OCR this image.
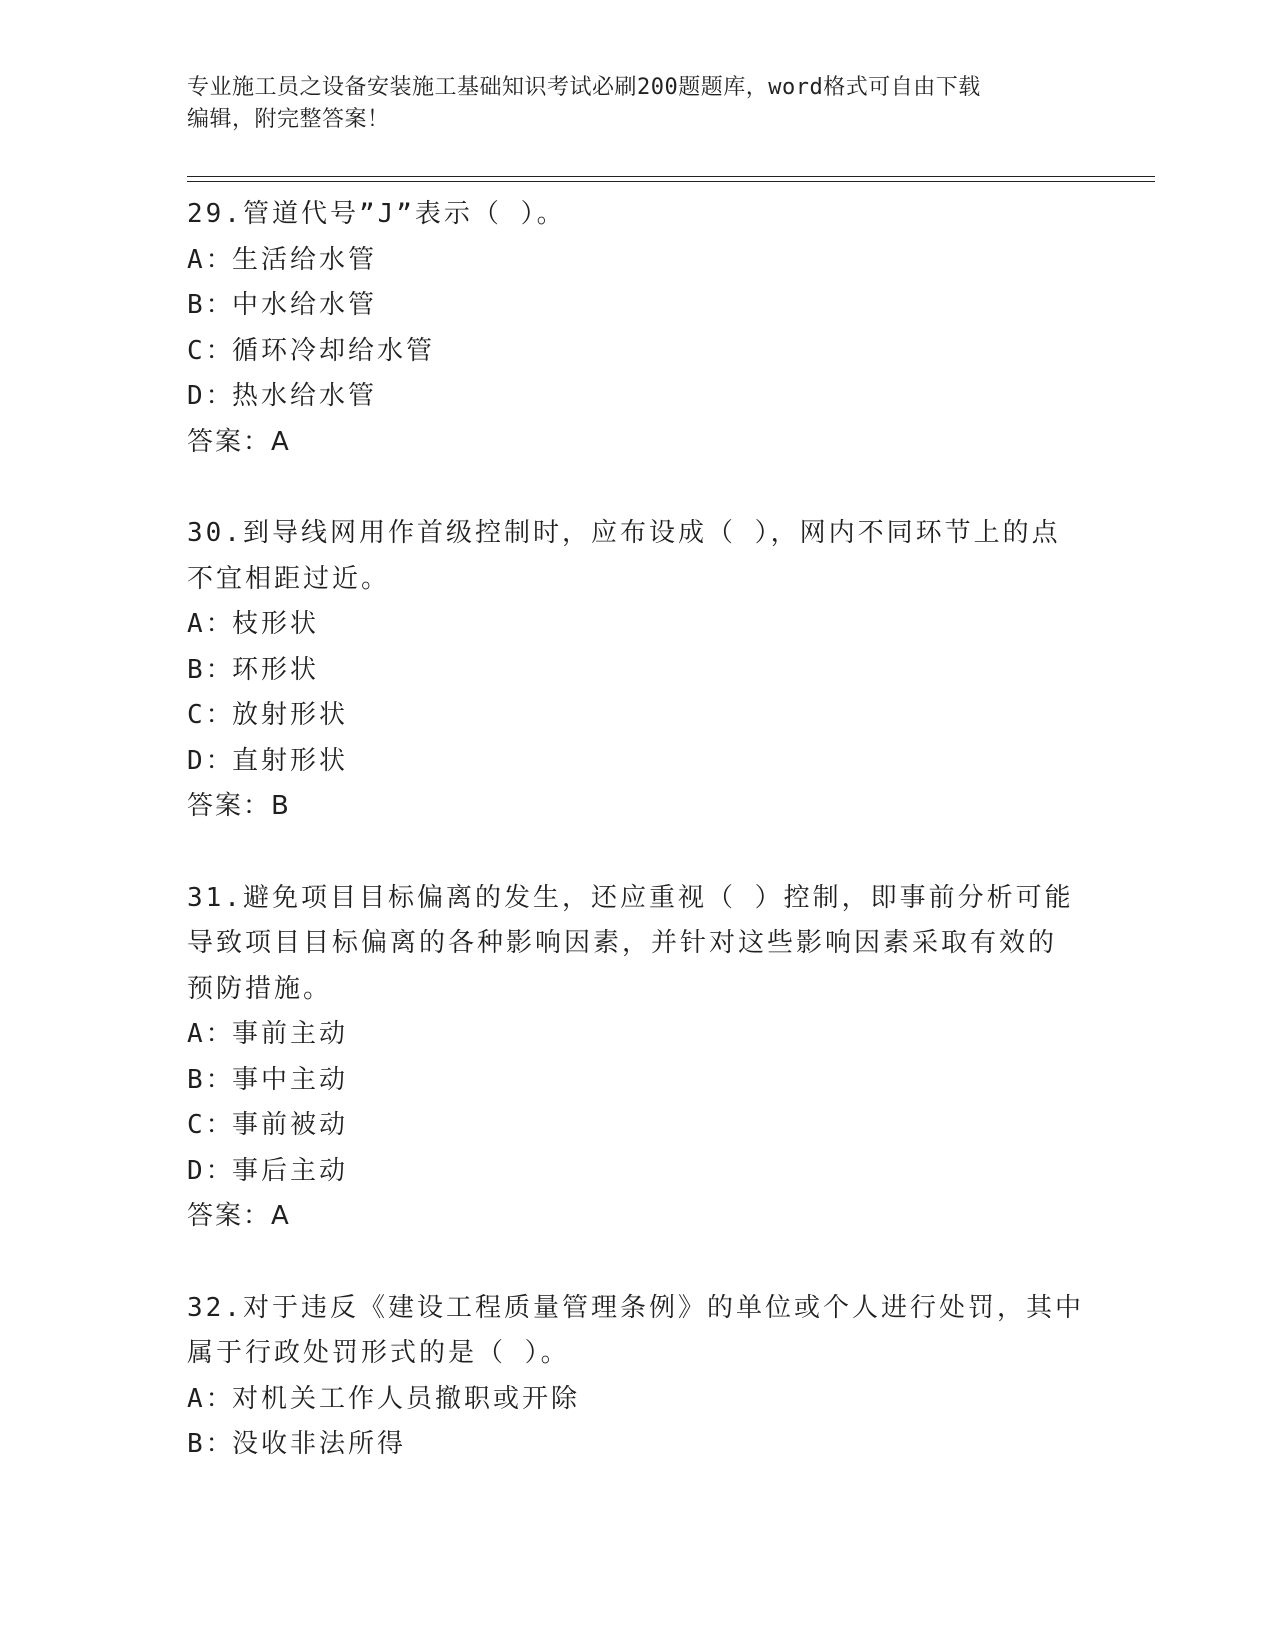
专业施工员之设备安装施工基础知识考试必刷200题题库，word格式可自由下载
编辑，附完整答案！

29.管道代号”J”表示（ ）。

A：
生活给水管
B：
中水给水管
C：
循环冷却给水管
D：
热水给水管

答案：A

30.到导线网用作首级控制时，应布设成（ ），网内不同环节上的点

不宜相距过近。

A：
枝形状
B：
环形状
C：
放射形状
D：
直射形状

答案：B

31.避免项目目标偏离的发生，还应重视（ ）控制，即事前分析可能

导致项目目标偏离的各种影响因素，并针对这些影响因素采取有效的

预防措施。

A：
事前主动
B：
事中主动
C：
事前被动
D：
事后主动

答案：A

32.对于违反《建设工程质量管理条例》的单位或个人进行处罚，其中

属于行政处罚形式的是（ ）。

A：
对机关工作人员撤职或开除
B：
没收非法所得
